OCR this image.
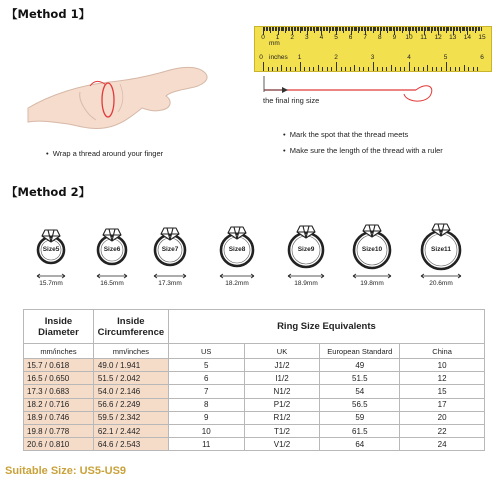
【Method 1】
•  Wrap a thread around your finger
0 1 2 3 4 5 6 7 8 9 10 11 12 13 14 15
1	2	3	4	5	6
mm
inches
0
the final ring size
•  Mark the spot that the thread meets
•  Make sure the length of the thread with a ruler
【Method 2】
Size5
15.7mm
Size6
16.5mm
Size7
17.3mm
Size8
18.2mm
Size9
18.9mm
Size10
19.8mm
Size11
20.6mm
Inside Diameter	Inside Circumference	Ring Size Equivalents			
mm/inches	mm/inches	US	UK	European Standard	China
15.7 / 0.618	49.0 / 1.941	5	J1/2	49	10
16.5 / 0.650	51.5 / 2.042	6	I1/2	51.5	12
17.3 / 0.683	54.0 / 2.146	7	N1/2	54	15
18.2 / 0.716	56.6 / 2.249	8	P1/2	56.5	17
18.9 / 0.746	59.5 / 2.342	9	R1/2	59	20
19.8 / 0.778	62.1 / 2.442	10	T1/2	61.5	22
20.6 / 0.810	64.6 / 2.543	11	V1/2	64	24
Suitable Size: US5-US9
